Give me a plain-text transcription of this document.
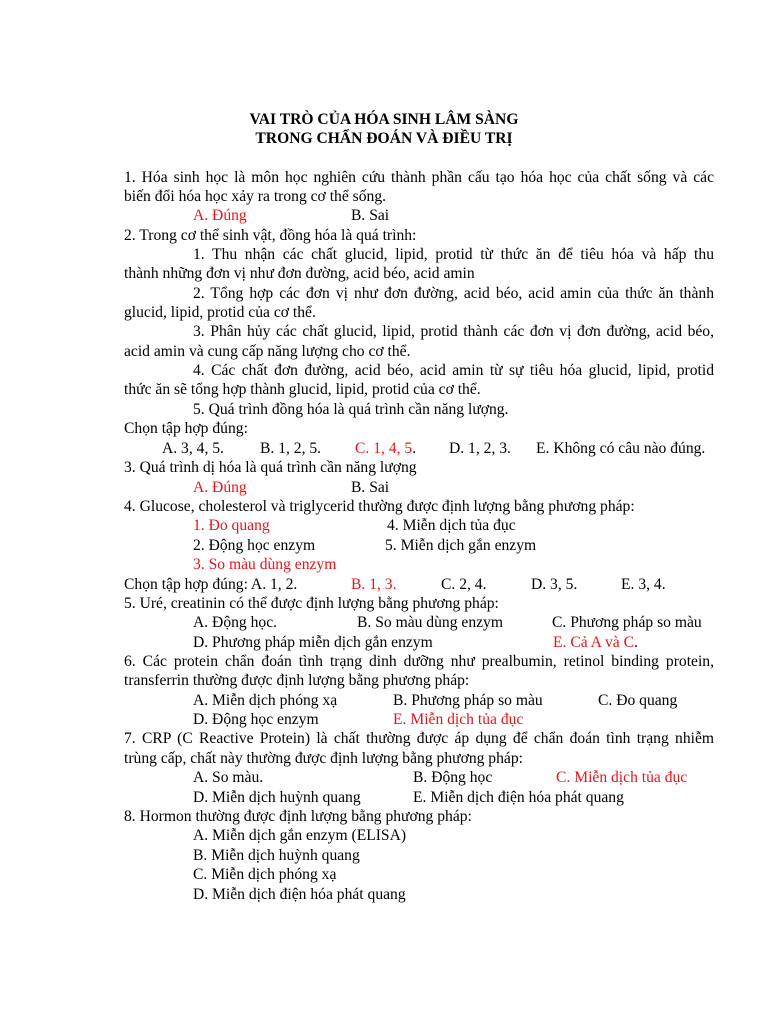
VAI TRÒ CỦA HÓA SINH LÂM SÀNG
TRONG CHẨN ĐOÁN VÀ ĐIỀU TRỊ
1. Hóa sinh học là môn học nghiên cứu thành phần cấu tạo hóa học của chất sống và các
biến đổi hóa học xảy ra trong cơ thể sống.
A. Đúng	B. Sai
2. Trong cơ thể sinh vật, đồng hóa là quá trình:
1. Thu nhận các chất glucid, lipid, protid từ thức ăn để tiêu hóa và hấp thu
thành những đơn vị như đơn đường, acid béo, acid amin
2. Tổng hợp các đơn vị như đơn đường, acid béo, acid amin của thức ăn thành
glucid, lipid, protid của cơ thể.
3. Phân hủy các chất glucid, lipid, protid thành các đơn vị đơn đường, acid béo,
acid amin và cung cấp năng lượng cho cơ thể.
4. Các chất đơn đường, acid béo, acid amin từ sự tiêu hóa glucid, lipid, protid
thức ăn sẽ tổng hợp thành glucid, lipid, protid của cơ thể.
5. Quá trình đồng hóa là quá trình cần năng lượng.
Chọn tập hợp đúng:
A. 3, 4, 5. B. 1, 2, 5. C. 1, 4, 5. D. 1, 2, 3. E. Không có câu nào đúng.
3. Quá trình dị hóa là quá trình cần năng lượng
A. Đúng	B. Sai
4. Glucose, cholesterol và triglycerid thường được định lượng bằng phương pháp:
1. Đo quang	4. Miễn dịch tủa đục
2. Động học enzym	5. Miễn dịch gắn enzym
3. So màu dùng enzym
Chọn tập hợp đúng: A. 1, 2.	B. 1, 3.	C. 2, 4.	D. 3, 5.	E. 3, 4.
5. Uré, creatinin có thể được định lượng bằng phương pháp:
A. Động học.	B. So màu dùng enzym	C. Phương pháp so màu
D. Phương pháp miễn dịch gắn enzym	E. Cả A và C.
6. Các protein chẩn đoán tình trạng dinh dưỡng như prealbumin, retinol binding protein,
transferrin thường được định lượng bằng phương pháp:
A. Miễn dịch phóng xạ	B. Phương pháp so màu	C. Đo quang
D. Động học enzym	E. Miễn dịch tủa đục
7. CRP (C Reactive Protein) là chất thường được áp dụng để chẩn đoán tình trạng nhiễm
trùng cấp, chất này thường được định lượng bằng phương pháp:
A. So màu.	B. Động học	C. Miễn dịch tủa đục
D. Miễn dịch huỳnh quang	E. Miễn dịch điện hóa phát quang
8. Hormon thường được định lượng bằng phương pháp:
A. Miễn dịch gắn enzym (ELISA)
B. Miễn dịch huỳnh quang
C. Miễn dịch phóng xạ
D. Miễn dịch điện hóa phát quang
